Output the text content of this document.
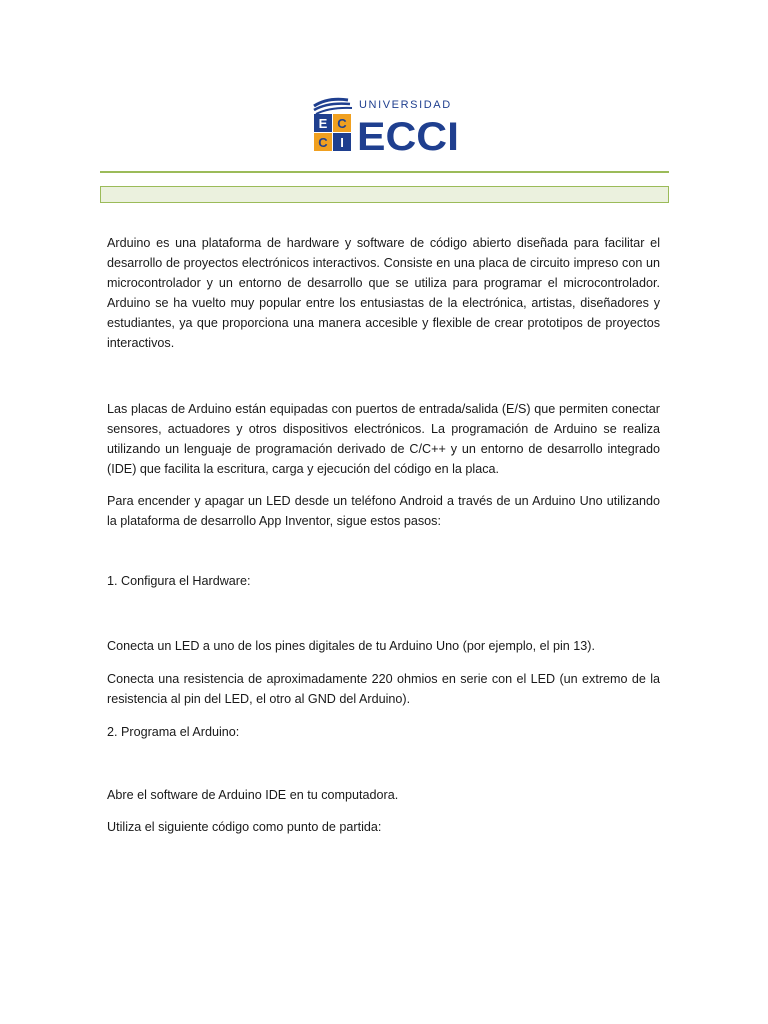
E C
C I
UNIVERSIDAD
ECCI

Arduino es una plataforma de hardware y software de código abierto diseñada para facilitar el desarrollo de proyectos electrónicos interactivos. Consiste en una placa de circuito impreso con un microcontrolador y un entorno de desarrollo que se utiliza para programar el microcontrolador. Arduino se ha vuelto muy popular entre los entusiastas de la electrónica, artistas, diseñadores y estudiantes, ya que proporciona una manera accesible y flexible de crear prototipos de proyectos interactivos.

Las placas de Arduino están equipadas con puertos de entrada/salida (E/S) que permiten conectar sensores, actuadores y otros dispositivos electrónicos. La programación de Arduino se realiza utilizando un lenguaje de programación derivado de C/C++ y un entorno de desarrollo integrado (IDE) que facilita la escritura, carga y ejecución del código en la placa.

Para encender y apagar un LED desde un teléfono Android a través de un Arduino Uno utilizando la plataforma de desarrollo App Inventor, sigue estos pasos:

1. Configura el Hardware:

Conecta un LED a uno de los pines digitales de tu Arduino Uno (por ejemplo, el pin 13).

Conecta una resistencia de aproximadamente 220 ohmios en serie con el LED (un extremo de la resistencia al pin del LED, el otro al GND del Arduino).

2. Programa el Arduino:

Abre el software de Arduino IDE en tu computadora.

Utiliza el siguiente código como punto de partida:
